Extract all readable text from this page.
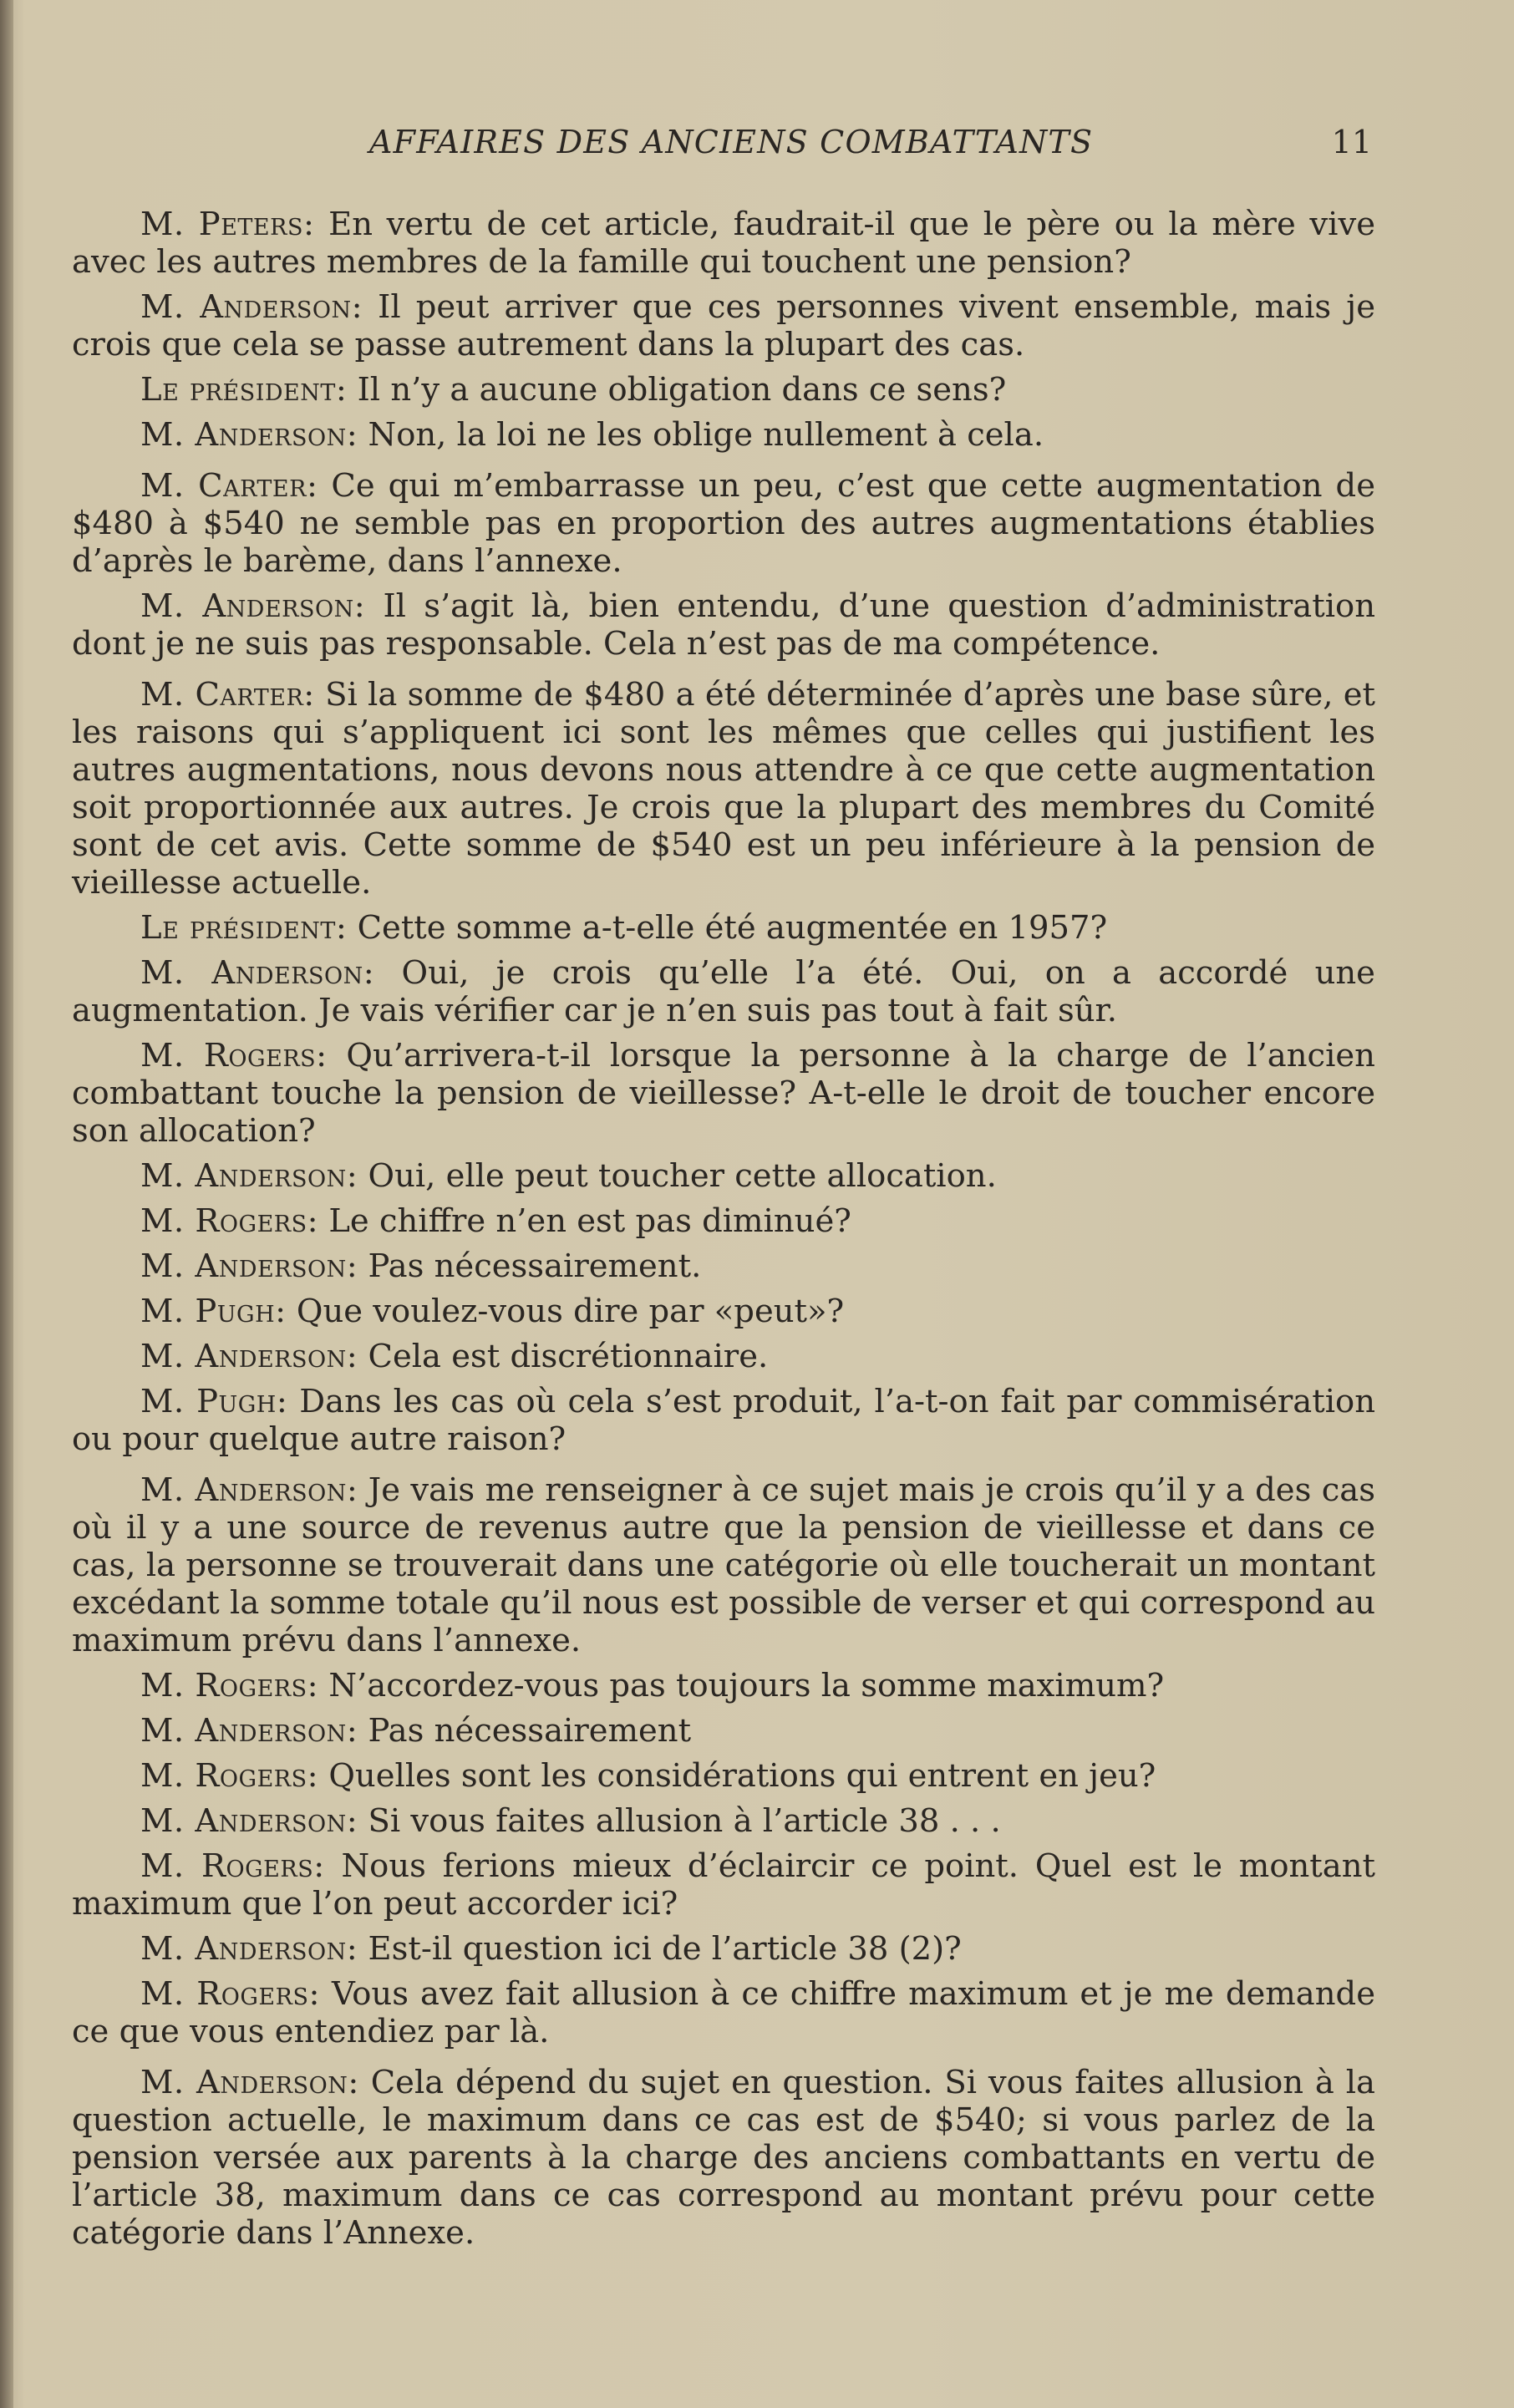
AFFAIRES DES ANCIENS COMBATTANTS	11

M. Peters: En vertu de cet article, faudrait-il que le père ou la mère vive avec les autres membres de la famille qui touchent une pension?

M. Anderson: Il peut arriver que ces personnes vivent ensemble, mais je crois que cela se passe autrement dans la plupart des cas.

Le président: Il n’y a aucune obligation dans ce sens?

M. Anderson: Non, la loi ne les oblige nullement à cela.

M. Carter: Ce qui m’embarrasse un peu, c’est que cette augmentation de $480 à $540 ne semble pas en proportion des autres augmentations établies d’après le barème, dans l’annexe.

M. Anderson: Il s’agit là, bien entendu, d’une question d’administration dont je ne suis pas responsable. Cela n’est pas de ma compétence.

M. Carter: Si la somme de $480 a été déterminée d’après une base sûre, et les raisons qui s’appliquent ici sont les mêmes que celles qui justifient les autres augmentations, nous devons nous attendre à ce que cette augmentation soit proportionnée aux autres. Je crois que la plupart des membres du Comité sont de cet avis. Cette somme de $540 est un peu inférieure à la pension de vieillesse actuelle.

Le président: Cette somme a-t-elle été augmentée en 1957?

M. Anderson: Oui, je crois qu’elle l’a été. Oui, on a accordé une augmentation. Je vais vérifier car je n’en suis pas tout à fait sûr.

M. Rogers: Qu’arrivera-t-il lorsque la personne à la charge de l’ancien combattant touche la pension de vieillesse? A-t-elle le droit de toucher encore son allocation?

M. Anderson: Oui, elle peut toucher cette allocation.

M. Rogers: Le chiffre n’en est pas diminué?

M. Anderson: Pas nécessairement.

M. Pugh: Que voulez-vous dire par «peut»?

M. Anderson: Cela est discrétionnaire.

M. Pugh: Dans les cas où cela s’est produit, l’a-t-on fait par commisération ou pour quelque autre raison?

M. Anderson: Je vais me renseigner à ce sujet mais je crois qu’il y a des cas où il y a une source de revenus autre que la pension de vieillesse et dans ce cas, la personne se trouverait dans une catégorie où elle toucherait un montant excédant la somme totale qu’il nous est possible de verser et qui correspond au maximum prévu dans l’annexe.

M. Rogers: N’accordez-vous pas toujours la somme maximum?

M. Anderson: Pas nécessairement

M. Rogers: Quelles sont les considérations qui entrent en jeu?

M. Anderson: Si vous faites allusion à l’article 38 . . .

M. Rogers: Nous ferions mieux d’éclaircir ce point. Quel est le montant maximum que l’on peut accorder ici?

M. Anderson: Est-il question ici de l’article 38 (2)?

M. Rogers: Vous avez fait allusion à ce chiffre maximum et je me demande ce que vous entendiez par là.

M. Anderson: Cela dépend du sujet en question. Si vous faites allusion à la question actuelle, le maximum dans ce cas est de $540; si vous parlez de la pension versée aux parents à la charge des anciens combattants en vertu de l’article 38, maximum dans ce cas correspond au montant prévu pour cette catégorie dans l’Annexe.
